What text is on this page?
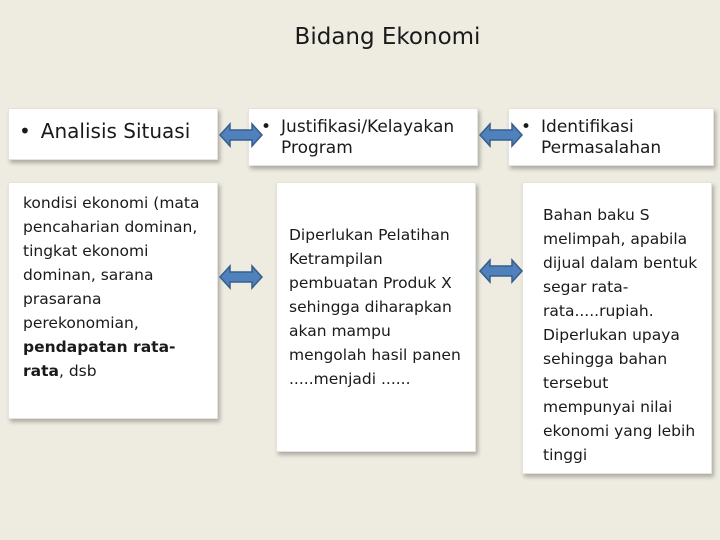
Bidang Ekonomi
• Analisis Situasi
kondisi ekonomi (mata pencaharian dominan, tingkat ekonomi dominan, sarana prasarana perekonomian, pendapatan rata-rata, dsb
• Justifikasi/Kelayakan Program
Diperlukan Pelatihan Ketrampilan pembuatan Produk X sehingga diharapkan akan mampu mengolah hasil panen .....menjadi ......
• Identifikasi Permasalahan
Bahan baku S melimpah, apabila dijual dalam bentuk segar rata-rata.....rupiah. Diperlukan upaya sehingga bahan tersebut mempunyai nilai ekonomi yang lebih tinggi
